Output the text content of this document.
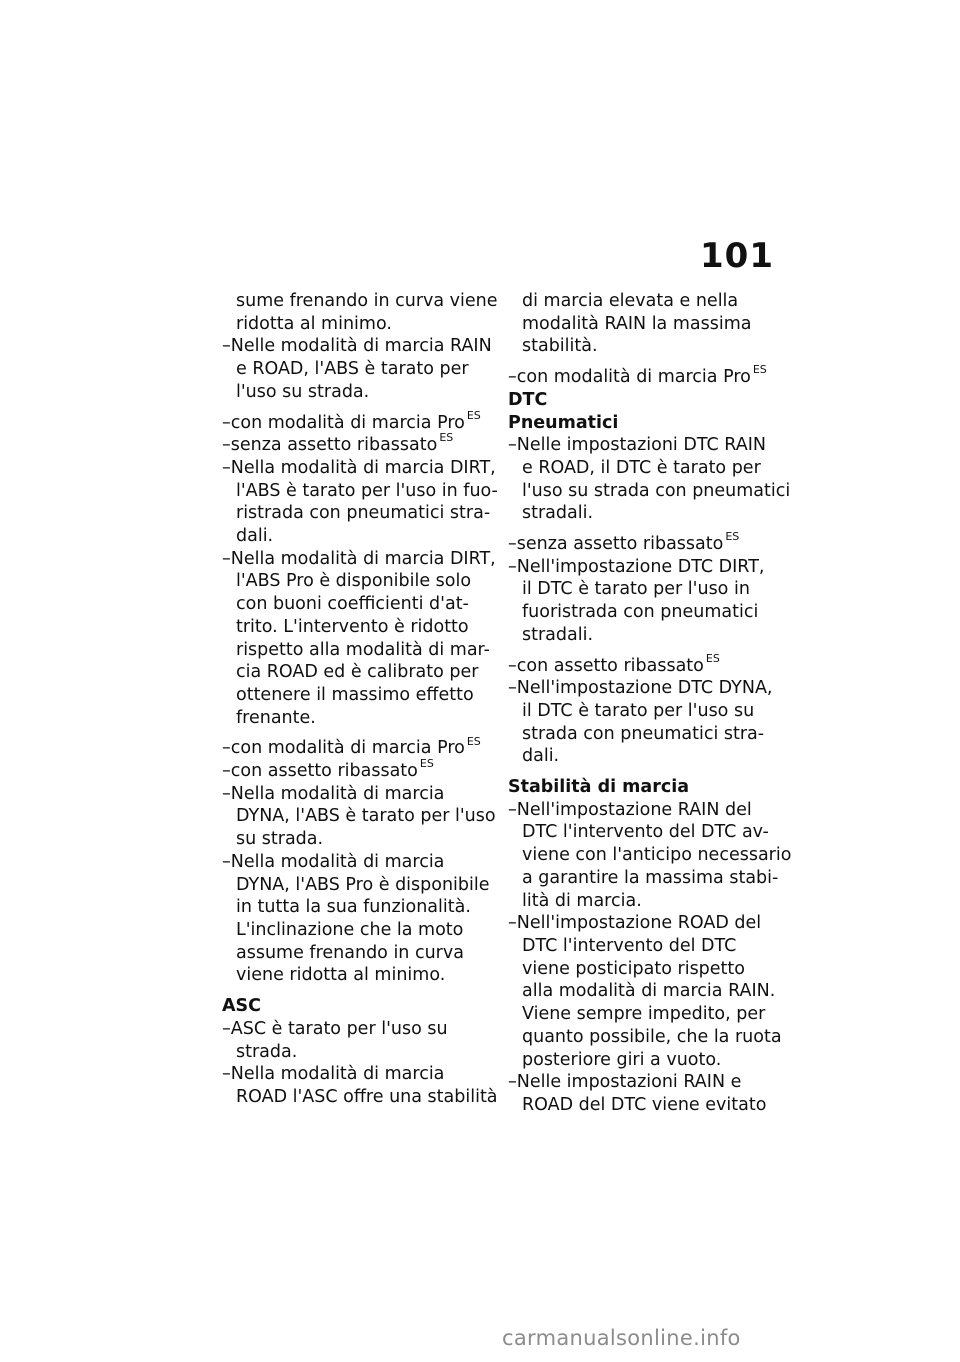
101
sume frenando in curva viene
ridotta al minimo.
–Nelle modalità di marcia RAIN
e ROAD, l'ABS è tarato per
l'uso su strada.
–con modalità di marcia Pro $^{ES}$
–senza assetto ribassato $^{ES}$
–Nella modalità di marcia DIRT,
l'ABS è tarato per l'uso in fuo-
ristrada con pneumatici stra-
dali.
–Nella modalità di marcia DIRT,
l'ABS Pro è disponibile solo
con buoni coefficienti d'at-
trito. L'intervento è ridotto
rispetto alla modalità di mar-
cia ROAD ed è calibrato per
ottenere il massimo effetto
frenante.
–con modalità di marcia Pro $^{ES}$
–con assetto ribassato $^{ES}$
–Nella modalità di marcia
DYNA, l'ABS è tarato per l'uso
su strada.
–Nella modalità di marcia
DYNA, l'ABS Pro è disponibile
in tutta la sua funzionalità.
L'inclinazione che la moto
assume frenando in curva
viene ridotta al minimo.
ASC
–ASC è tarato per l'uso su
strada.
–Nella modalità di marcia
ROAD l'ASC offre una stabilità
di marcia elevata e nella
modalità RAIN la massima
stabilità.
–con modalità di marcia Pro $^{ES}$
DTC
Pneumatici
–Nelle impostazioni DTC RAIN
e ROAD, il DTC è tarato per
l'uso su strada con pneumatici
stradali.
–senza assetto ribassato $^{ES}$
–Nell'impostazione DTC DIRT,
il DTC è tarato per l'uso in
fuoristrada con pneumatici
stradali.
–con assetto ribassato $^{ES}$
–Nell'impostazione DTC DYNA,
il DTC è tarato per l'uso su
strada con pneumatici stra-
dali.
Stabilità di marcia
–Nell'impostazione RAIN del
DTC l'intervento del DTC av-
viene con l'anticipo necessario
a garantire la massima stabi-
lità di marcia.
–Nell'impostazione ROAD del
DTC l'intervento del DTC
viene posticipato rispetto
alla modalità di marcia RAIN.
Viene sempre impedito, per
quanto possibile, che la ruota
posteriore giri a vuoto.
–Nelle impostazioni RAIN e
ROAD del DTC viene evitato
carmanualsonline.info
